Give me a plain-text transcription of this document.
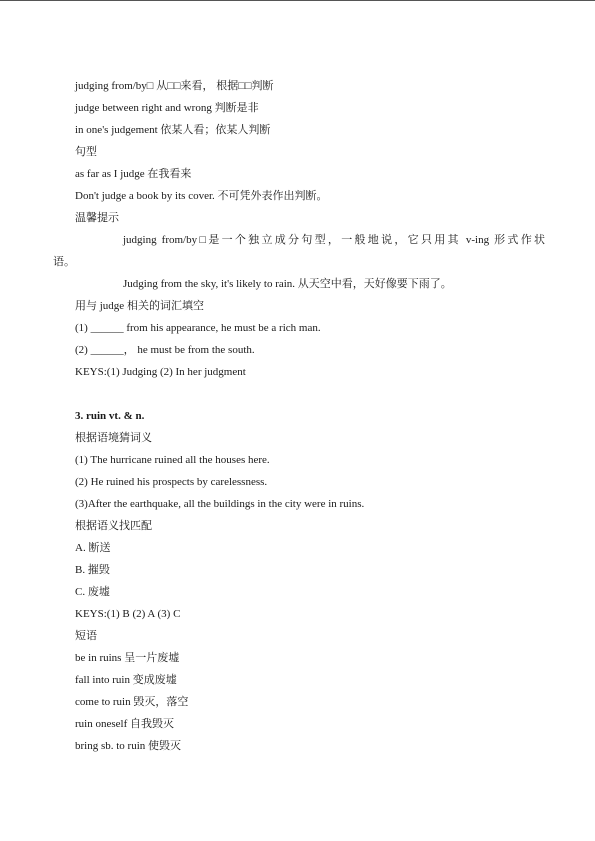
judging from/by□ 从□□来看， 根据□□判断
judge between right and wrong 判断是非
in one's judgement 依某人看；依某人判断
句型
as far as I judge 在我看来
Don't judge a book by its cover. 不可凭外表作出判断。
温馨提示
judging from/by□是一个独立成分句型，一般地说，它只用其 v-ing 形式作状
语。
Judging from the sky, it's likely to rain. 从天空中看，天好像要下雨了。
用与 judge 相关的词汇填空
(1) ______ from his appearance, he must be a rich man.
(2) ______， he must be from the south.
KEYS:(1) Judging (2) In her judgment
3. ruin vt. & n.
根据语境猜词义
(1) The hurricane ruined all the houses here.
(2) He ruined his prospects by carelessness.
(3)After the earthquake, all the buildings in the city were in ruins.
根据语义找匹配
A. 断送
B. 摧毁
C. 废墟
KEYS:(1) B (2) A (3) C
短语
be in ruins 呈一片废墟
fall into ruin 变成废墟
come to ruin 毁灭，落空
ruin oneself 自我毁灭
bring sb. to ruin 使毁灭
